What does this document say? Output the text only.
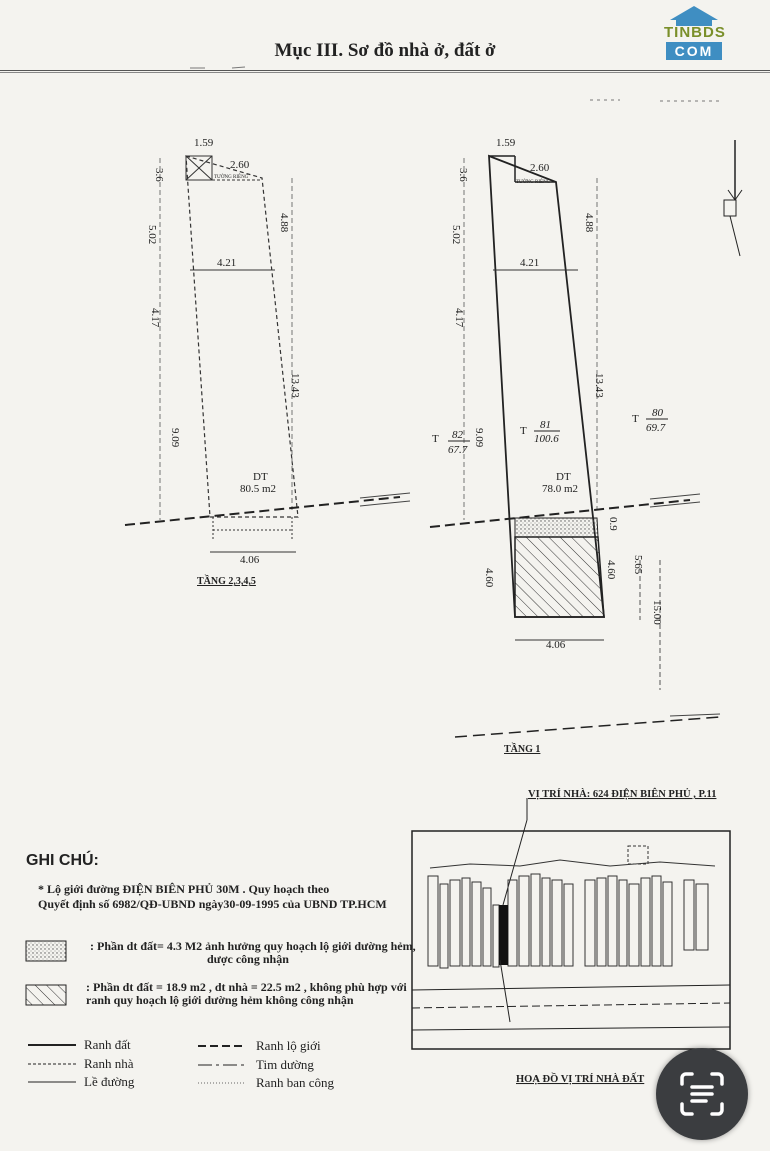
Mục III. Sơ đồ nhà ở, đất ở
TINBDS
COM
1.59
2.60
3.6
5.02
4.88
4.21
4.17
13.43
9.09
4.06
DT
80.5 m2
TẦNG 2,3,4,5
TƯỜNG RIÊNG
1.59
2.60
3.6
5.02
4.88
4.21
4.17
13.43
9.09
0.9
5.65
4.60	4.60
15.00
4.06
DT
78.0 m2
TẦNG 1
TƯỜNG RIÊNG
T 82
67.7
T 81
100.6
T 80
69.7
VỊ TRÍ NHÀ: 624 ĐIỆN BIÊN PHỦ , P.11
HOẠ ĐỒ VỊ TRÍ NHÀ ĐẤT
* Lộ giới đường ĐIỆN BIÊN PHỦ 30M . Quy hoạch theo
Quyết định số 6982/QĐ-UBND ngày30-09-1995 của UBND TP.HCM
: Phần dt đất= 4.3 M2 ảnh hưởng quy hoạch lộ giới dường hẻm,
dược công nhận
: Phần dt đất = 18.9 m2 , dt nhà = 22.5 m2 , không phù hợp với
ranh quy hoạch lộ giới dường hẻm không công nhận
Ranh đất
Ranh nhà
Lề đường
Ranh lộ giới
Tim dường
Ranh ban công
GHI CHÚ:
